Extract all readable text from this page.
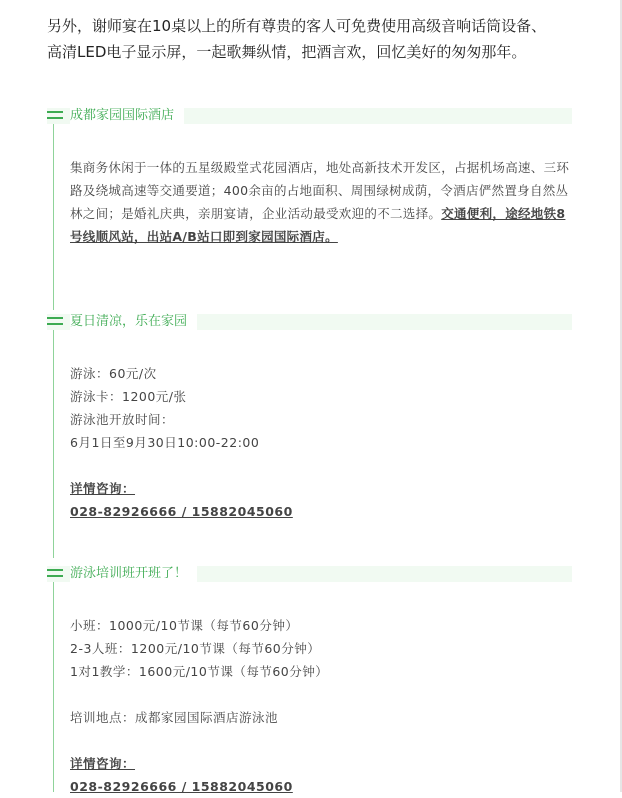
另外，谢师宴在10桌以上的所有尊贵的客人可免费使用高级音响话筒设备、

高清LED电子显示屏，一起歌舞纵情，把酒言欢，回忆美好的匆匆那年。

成都家园国际酒店

集商务休闲于一体的五星级殿堂式花园酒店，地处高新技术开发区，占据机场高速、三环路及绕城高速等交通要道；400余亩的占地面积、周围绿树成荫，令酒店俨然置身自然丛林之间；是婚礼庆典，亲朋宴请，企业活动最受欢迎的不二选择。交通便利，途经地铁8号线顺风站，出站A/B站口即到家园国际酒店。

夏日清凉，乐在家园

游泳：60元/次

游泳卡：1200元/张

游泳池开放时间：

6月1日至9月30日10:00-22:00

详情咨询：

028-82926666 / 15882045060

游泳培训班开班了！

小班：1000元/10节课（每节60分钟）

2-3人班：1200元/10节课（每节60分钟）

1对1教学：1600元/10节课（每节60分钟）

培训地点：成都家园国际酒店游泳池

详情咨询：

028-82926666 / 15882045060
